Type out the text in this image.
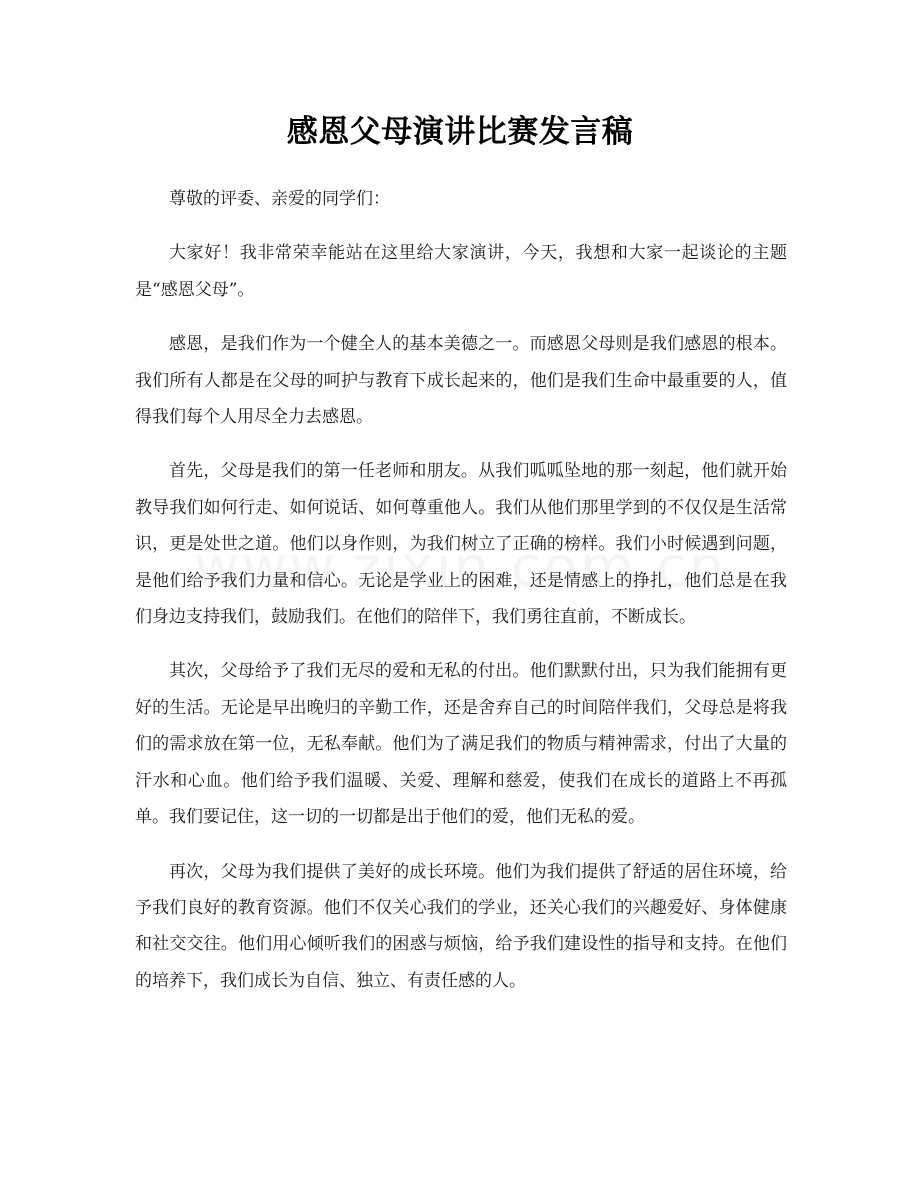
感恩父母演讲比赛发言稿

尊敬的评委、亲爱的同学们：

大家好！我非常荣幸能站在这里给大家演讲，今天，我想和大家一起谈论的主题是“感恩父母”。

感恩，是我们作为一个健全人的基本美德之一。而感恩父母则是我们感恩的根本。我们所有人都是在父母的呵护与教育下成长起来的，他们是我们生命中最重要的人，值得我们每个人用尽全力去感恩。

首先，父母是我们的第一任老师和朋友。从我们呱呱坠地的那一刻起，他们就开始教导我们如何行走、如何说话、如何尊重他人。我们从他们那里学到的不仅仅是生活常识，更是处世之道。他们以身作则，为我们树立了正确的榜样。我们小时候遇到问题，是他们给予我们力量和信心。无论是学业上的困难，还是情感上的挣扎，他们总是在我们身边支持我们，鼓励我们。在他们的陪伴下，我们勇往直前，不断成长。

其次，父母给予了我们无尽的爱和无私的付出。他们默默付出，只为我们能拥有更好的生活。无论是早出晚归的辛勤工作，还是舍弃自己的时间陪伴我们，父母总是将我们的需求放在第一位，无私奉献。他们为了满足我们的物质与精神需求，付出了大量的汗水和心血。他们给予我们温暖、关爱、理解和慈爱，使我们在成长的道路上不再孤单。我们要记住，这一切的一切都是出于他们的爱，他们无私的爱。

再次，父母为我们提供了美好的成长环境。他们为我们提供了舒适的居住环境，给予我们良好的教育资源。他们不仅关心我们的学业，还关心我们的兴趣爱好、身体健康和社交交往。他们用心倾听我们的困惑与烦恼，给予我们建设性的指导和支持。在他们的培养下，我们成长为自信、独立、有责任感的人。
